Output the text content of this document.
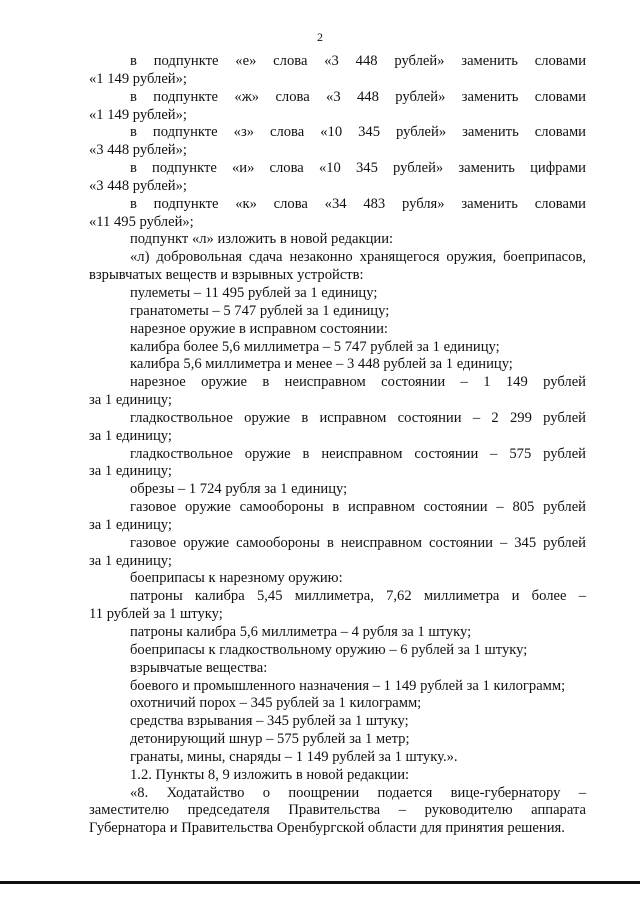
2
в подпункте «е» слова «3 448 рублей» заменить словами
«1 149 рублей»;
в подпункте «ж» слова «3 448 рублей» заменить словами
«1 149 рублей»;
в подпункте «з» слова «10 345 рублей» заменить словами
«3 448 рублей»;
в подпункте «и» слова «10 345 рублей» заменить цифрами
«3 448 рублей»;
в подпункте «к» слова «34 483 рубля» заменить словами
«11 495 рублей»;
подпункт «л» изложить в новой редакции:
«л) добровольная сдача незаконно хранящегося оружия, боеприпасов,
взрывчатых веществ и взрывных устройств:
пулеметы – 11 495 рублей за 1 единицу;
гранатометы – 5 747 рублей за 1 единицу;
нарезное оружие в исправном состоянии:
калибра более 5,6 миллиметра – 5 747 рублей за 1 единицу;
калибра 5,6 миллиметра и менее – 3 448 рублей за 1 единицу;
нарезное оружие в неисправном состоянии – 1 149 рублей
за 1 единицу;
гладкоствольное оружие в исправном состоянии – 2 299 рублей
за 1 единицу;
гладкоствольное оружие в неисправном состоянии – 575 рублей
за 1 единицу;
обрезы – 1 724 рубля за 1 единицу;
газовое оружие самообороны в исправном состоянии – 805 рублей
за 1 единицу;
газовое оружие самообороны в неисправном состоянии – 345 рублей
за 1 единицу;
боеприпасы к нарезному оружию:
патроны калибра 5,45 миллиметра, 7,62 миллиметра и более –
11 рублей за 1 штуку;
патроны калибра 5,6 миллиметра – 4 рубля за 1 штуку;
боеприпасы к гладкоствольному оружию – 6 рублей за 1 штуку;
взрывчатые вещества:
боевого и промышленного назначения – 1 149 рублей за 1 килограмм;
охотничий порох – 345 рублей за 1 килограмм;
средства взрывания – 345 рублей за 1 штуку;
детонирующий шнур – 575 рублей за 1 метр;
гранаты, мины, снаряды – 1 149 рублей за 1 штуку.».
1.2. Пункты 8, 9 изложить в новой редакции:
«8. Ходатайство о поощрении подается вице-губернатору –
заместителю председателя Правительства – руководителю аппарата
Губернатора и Правительства Оренбургской области для принятия решения.
